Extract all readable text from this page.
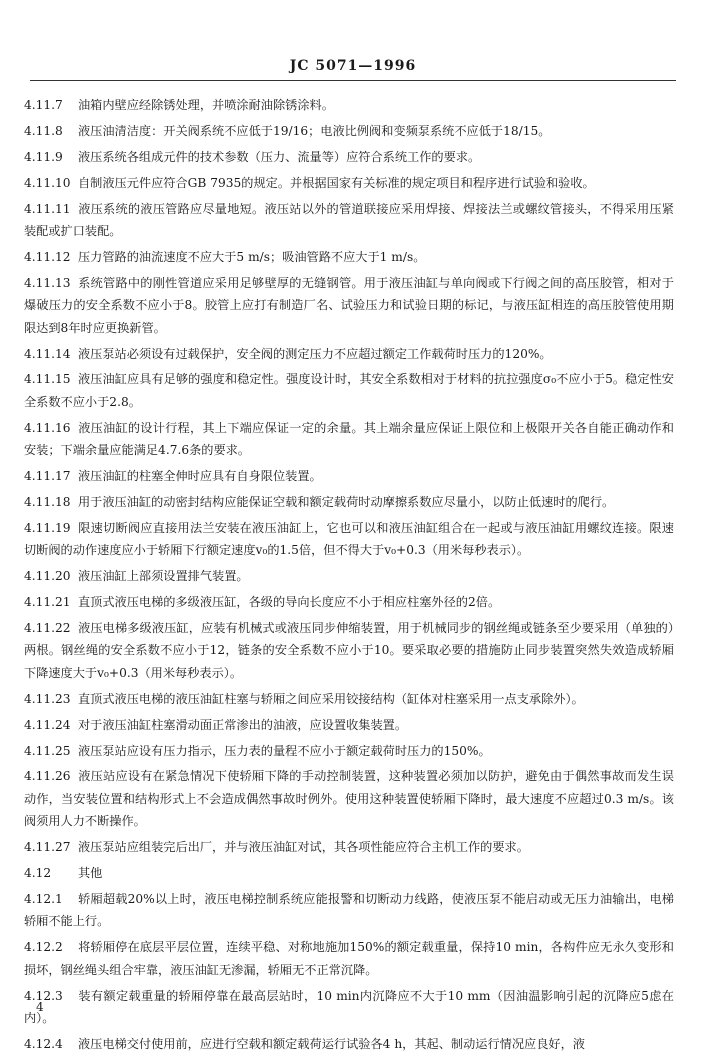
JC 5071—1996
4.11.7 油箱内壁应经除锈处理，并喷涂耐油除锈涂料。
4.11.8 液压油清洁度：开关阀系统不应低于19/16；电液比例阀和变频泵系统不应低于18/15。
4.11.9 液压系统各组成元件的技术参数（压力、流量等）应符合系统工作的要求。
4.11.10 自制液压元件应符合GB 7935的规定。并根据国家有关标准的规定项目和程序进行试验和验收。
4.11.11 液压系统的液压管路应尽量地短。液压站以外的管道联接应采用焊接、焊接法兰或螺纹管接头，不得采用压紧装配或扩口装配。
4.11.12 压力管路的油流速度不应大于5 m/s；吸油管路不应大于1 m/s。
4.11.13 系统管路中的刚性管道应采用足够壁厚的无缝钢管。用于液压油缸与单向阀或下行阀之间的高压胶管，相对于爆破压力的安全系数不应小于8。胶管上应打有制造厂名、试验压力和试验日期的标记，与液压缸相连的高压胶管使用期限达到8年时应更换新管。
4.11.14 液压泵站必须设有过载保护，安全阀的测定压力不应超过额定工作载荷时压力的120%。
4.11.15 液压油缸应具有足够的强度和稳定性。强度设计时，其安全系数相对于材料的抗拉强度σ₀不应小于5。稳定性安全系数不应小于2.8。
4.11.16 液压油缸的设计行程，其上下端应保证一定的余量。其上端余量应保证上限位和上极限开关各自能正确动作和安装；下端余量应能满足4.7.6条的要求。
4.11.17 液压油缸的柱塞全伸时应具有自身限位装置。
4.11.18 用于液压油缸的动密封结构应能保证空载和额定载荷时动摩擦系数应尽量小，以防止低速时的爬行。
4.11.19 限速切断阀应直接用法兰安装在液压油缸上，它也可以和液压油缸组合在一起或与液压油缸用螺纹连接。限速切断阀的动作速度应小于轿厢下行额定速度v₀的1.5倍，但不得大于v₀+0.3（用米每秒表示）。
4.11.20 液压油缸上部须设置排气装置。
4.11.21 直顶式液压电梯的多级液压缸，各级的导向长度应不小于相应柱塞外径的2倍。
4.11.22 液压电梯多级液压缸，应装有机械式或液压同步伸缩装置，用于机械同步的钢丝绳或链条至少要采用（单独的）两根。钢丝绳的安全系数不应小于12，链条的安全系数不应小于10。要采取必要的措施防止同步装置突然失效造成轿厢下降速度大于v₀+0.3（用米每秒表示）。
4.11.23 直顶式液压电梯的液压油缸柱塞与轿厢之间应采用铰接结构（缸体对柱塞采用一点支承除外）。
4.11.24 对于液压油缸柱塞滑动面正常渗出的油液，应设置收集装置。
4.11.25 液压泵站应设有压力指示，压力表的量程不应小于额定载荷时压力的150%。
4.11.26 液压站应设有在紧急情况下使轿厢下降的手动控制装置，这种装置必须加以防护，避免由于偶然事故而发生误动作，当安装位置和结构形式上不会造成偶然事故时例外。使用这种装置使轿厢下降时，最大速度不应超过0.3 m/s。该阀须用人力不断操作。
4.11.27 液压泵站应组装完后出厂，并与液压油缸对试，其各项性能应符合主机工作的要求。
4.12 其他
4.12.1 轿厢超载20%以上时，液压电梯控制系统应能报警和切断动力线路，使液压泵不能启动或无压力油输出，电梯轿厢不能上行。
4.12.2 将轿厢停在底层平层位置，连续平稳、对称地施加150%的额定载重量，保持10 min，各构件应无永久变形和损坏，钢丝绳头组合牢靠，液压油缸无渗漏，轿厢无不正常沉降。
4.12.3 装有额定载重量的轿厢停靠在最高层站时，10 min内沉降应不大于10 mm（因油温影响引起的沉降应5虑在内）。
4.12.4 液压电梯交付使用前，应进行空载和额定载荷运行试验各4 h，其起、制动运行情况应良好，液
4
